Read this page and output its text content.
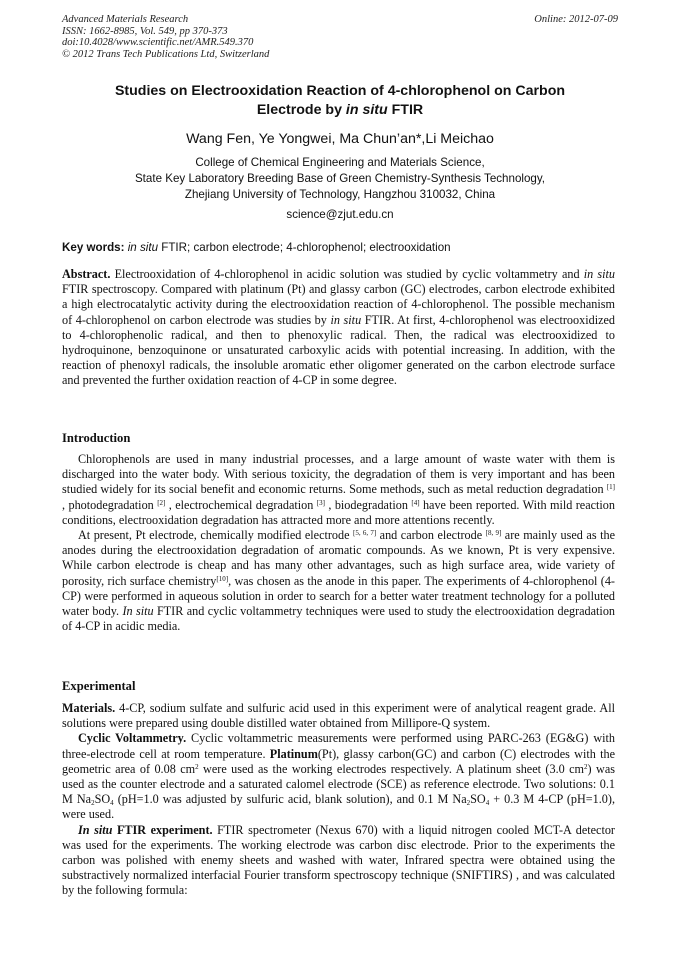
Advanced Materials Research
ISSN: 1662-8985, Vol. 549, pp 370-373
doi:10.4028/www.scientific.net/AMR.549.370
© 2012 Trans Tech Publications Ltd, Switzerland
Online: 2012-07-09
Studies on Electrooxidation Reaction of 4-chlorophenol on Carbon
Electrode by in situ FTIR
Wang Fen, Ye Yongwei, Ma Chun’an*,Li Meichao
College of Chemical Engineering and Materials Science,
State Key Laboratory Breeding Base of Green Chemistry-Synthesis Technology,
Zhejiang University of Technology, Hangzhou 310032, China
science@zjut.edu.cn
Key words: in situ FTIR; carbon electrode; 4-chlorophenol; electrooxidation

Abstract. Electrooxidation of 4-chlorophenol in acidic solution was studied by cyclic voltammetry and in situ FTIR spectroscopy. Compared with platinum (Pt) and glassy carbon (GC) electrodes, carbon electrode exhibited a high electrocatalytic activity during the electrooxidation reaction of 4-chlorophenol. The possible mechanism of 4-chlorophenol on carbon electrode was studies by in situ FTIR. At first, 4-chlorophenol was electrooxidized to 4-chlorophenolic radical, and then to phenoxylic radical. Then, the radical was electrooxidized to hydroquinone, benzoquinone or unsaturated carboxylic acids with potential increasing. In addition, with the reaction of phenoxyl radicals, the insoluble aromatic ether oligomer generated on the carbon electrode surface and prevented the further oxidation reaction of 4-CP in some degree.

Introduction

Chlorophenols are used in many industrial processes, and a large amount of waste water with them is discharged into the water body. With serious toxicity, the degradation of them is very important and has been studied widely for its social benefit and economic returns. Some methods, such as metal reduction degradation [1] , photodegradation [2] , electrochemical degradation [3] , biodegradation [4] have been reported. With mild reaction conditions, electrooxidation degradation has attracted more and more attentions recently.

At present, Pt electrode, chemically modified electrode [5, 6, 7] and carbon electrode [8, 9] are mainly used as the anodes during the electrooxidation degradation of aromatic compounds. As we known, Pt is very expensive. While carbon electrode is cheap and has many other advantages, such as high surface area, wide variety of porosity, rich surface chemistry[10], was chosen as the anode in this paper. The experiments of 4-chlorophenol (4-CP) were performed in aqueous solution in order to search for a better water treatment technology for a polluted water body. In situ FTIR and cyclic voltammetry techniques were used to study the electrooxidation degradation of 4-CP in acidic media.

Experimental

Materials. 4-CP, sodium sulfate and sulfuric acid used in this experiment were of analytical reagent grade. All solutions were prepared using double distilled water obtained from Millipore-Q system.

Cyclic Voltammetry. Cyclic voltammetric measurements were performed using PARC-263 (EG&G) with three-electrode cell at room temperature. Platinum(Pt), glassy carbon(GC) and carbon (C) electrodes with the geometric area of 0.08 $cm^2$ were used as the working electrodes respectively. A platinum sheet (3.0 $cm^2$) was used as the counter electrode and a saturated calomel electrode (SCE) as reference electrode. Two solutions: 0.1 M $Na_2SO_4$ (pH=1.0 was adjusted by sulfuric acid, blank solution), and 0.1 M $Na_2SO_4 + 0.3$ M 4-CP (pH=1.0), were used.

In situ FTIR experiment. FTIR spectrometer (Nexus 670) with a liquid nitrogen cooled MCT-A detector was used for the experiments. The working electrode was carbon disc electrode. Prior to the experiments the carbon was polished with enemy sheets and washed with water, Infrared spectra were obtained using the substractively normalized interfacial Fourier transform spectroscopy technique (SNIFTIRS) , and was calculated by the following formula:
